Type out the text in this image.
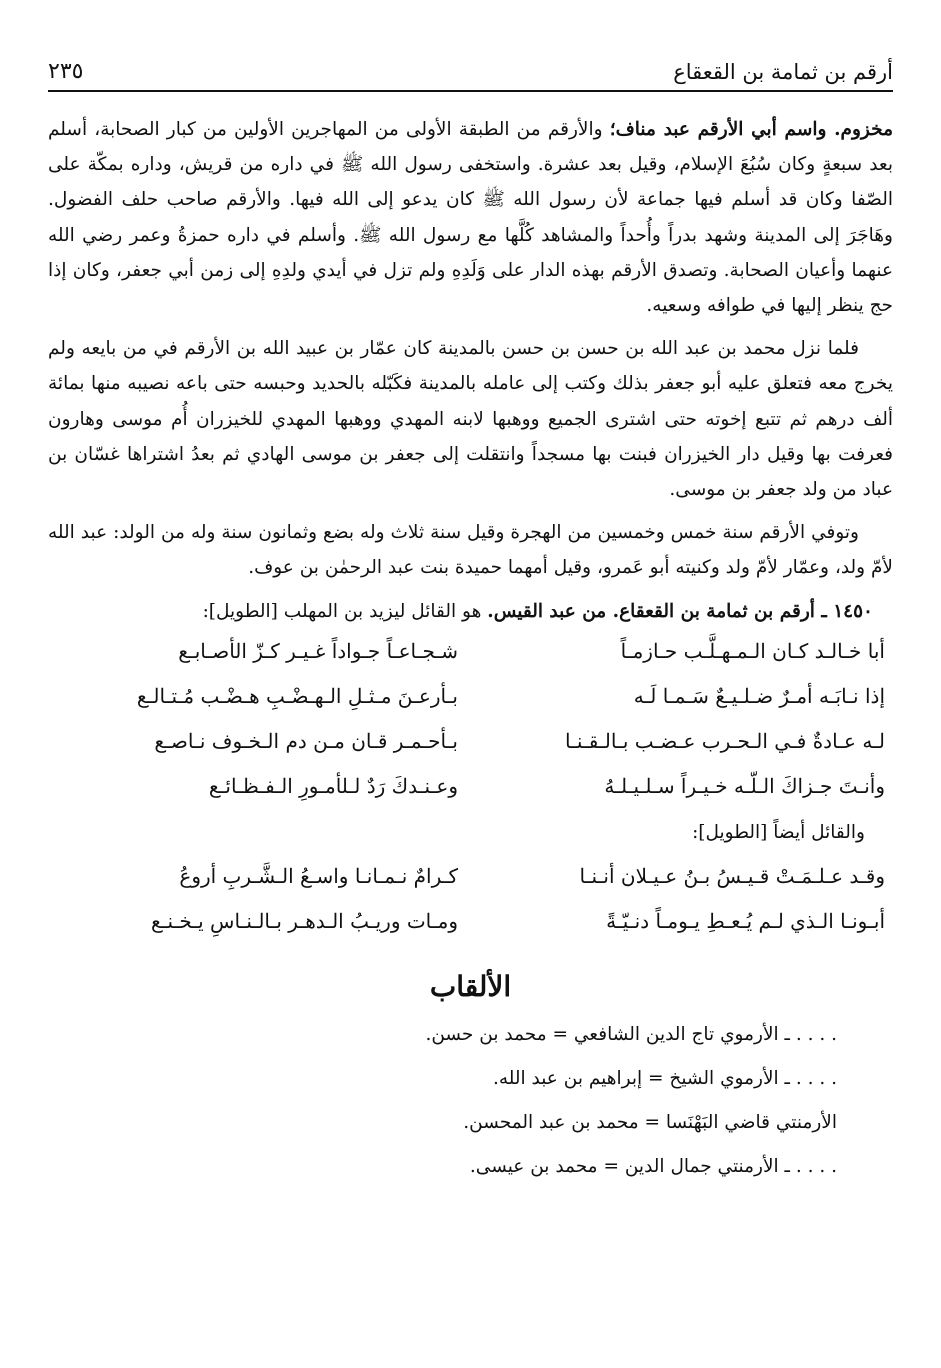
أرقم بن ثمامة بن القعقاع
٢٣٥

مخزوم. واسم أبي الأرقم عبد مناف؛ والأرقم من الطبقة الأولى من المهاجرين الأولين من كبار الصحابة، أسلم بعد سبعةٍ وكان سُبُعَ الإسلام، وقيل بعد عشرة. واستخفى رسول الله ﷺ في داره من قريش، وداره بمكّة على الصّفا وكان قد أسلم فيها جماعة لأن رسول الله ﷺ كان يدعو إلى الله فيها. والأرقم صاحب حلف الفضول. وهَاجَرَ إلى المدينة وشهد بدراً وأُحداً والمشاهد كُلَّها مع رسول الله ﷺ. وأسلم في داره حمزةُ وعمر رضي الله عنهما وأعيان الصحابة. وتصدق الأرقم بهذه الدار على وَلَدِهِ ولم تزل في أيدي ولدِهِ إلى زمن أبي جعفر، وكان إذا حج ينظر إليها في طوافه وسعيه.

فلما نزل محمد بن عبد الله بن حسن بن حسن بالمدينة كان عمّار بن عبيد الله بن الأرقم في من بايعه ولم يخرج معه فتعلق عليه أبو جعفر بذلك وكتب إلى عامله بالمدينة فكَبّله بالحديد وحبسه حتى باعه نصيبه منها بمائة ألف درهم ثم تتبع إخوته حتى اشترى الجميع ووهبها لابنه المهدي ووهبها المهدي للخيزران أُم موسى وهارون فعرفت بها وقيل دار الخيزران فبنت بها مسجداً وانتقلت إلى جعفر بن موسى الهادي ثم بعدُ اشتراها غسّان بن عباد من ولد جعفر بن موسى.

وتوفي الأرقم سنة خمس وخمسين من الهجرة وقيل سنة ثلاث وله بضع وثمانون سنة وله من الولد: عبد الله لأمّ ولد، وعمّار لأمّ ولد وكنيته أبو عَمرو، وقيل أمهما حميدة بنت عبد الرحمٰن بن عوف.

١٤٥٠ ـ أرقم بن ثمامة بن القعقاع. من عبد القيس. هو القائل ليزيد بن المهلب [الطويل]:

أبا خـالـد كـان الـمـهـلَّـب حـازمـاً
شـجـاعـاً جـواداً غـيـر كـزّ الأصـابـع
إذا نـابَـه أمـرٌ ضـلـيـعٌ سَـمـا لَـه
بـأرعـنَ مـثـلِ الـهـضْـبِ هـضْـب مُـتـالـع
لـه عـادةٌ فـي الـحـرب عـضـب بـالـقـنـا
بـأحـمـر قـان مـن دم الـخـوف نـاصـع
وأنـتَ جـزاكَ الـلّـه خـيـراً سـلـيـلـهُ
وعـنـدكَ رَدٌ لـلأمـورِ الـفـظـائـع

والقائل أيضاً [الطويل]:

وقـد عـلـمَـتْ قـيـسُ بـنُ عـيـلان أنـنـا
كـرامٌ نـمـانـا واسـعُ الـشَّـربِ أروعُ
أبـونـا الـذي لـم يُـعـطِ يـومـاً دنـيّـةً
ومـات وريـبُ الـدهـر بـالـنـاسِ يـخـنـع
الألقاب
. . . . ـ الأرموي تاج الدين الشافعي = محمد بن حسن.
. . . . ـ الأرموي الشيخ = إبراهيم بن عبد الله.
الأرمنتي قاضي البَهْنَسا = محمد بن عبد المحسن.
. . . . ـ الأرمنتي جمال الدين = محمد بن عيسى.
